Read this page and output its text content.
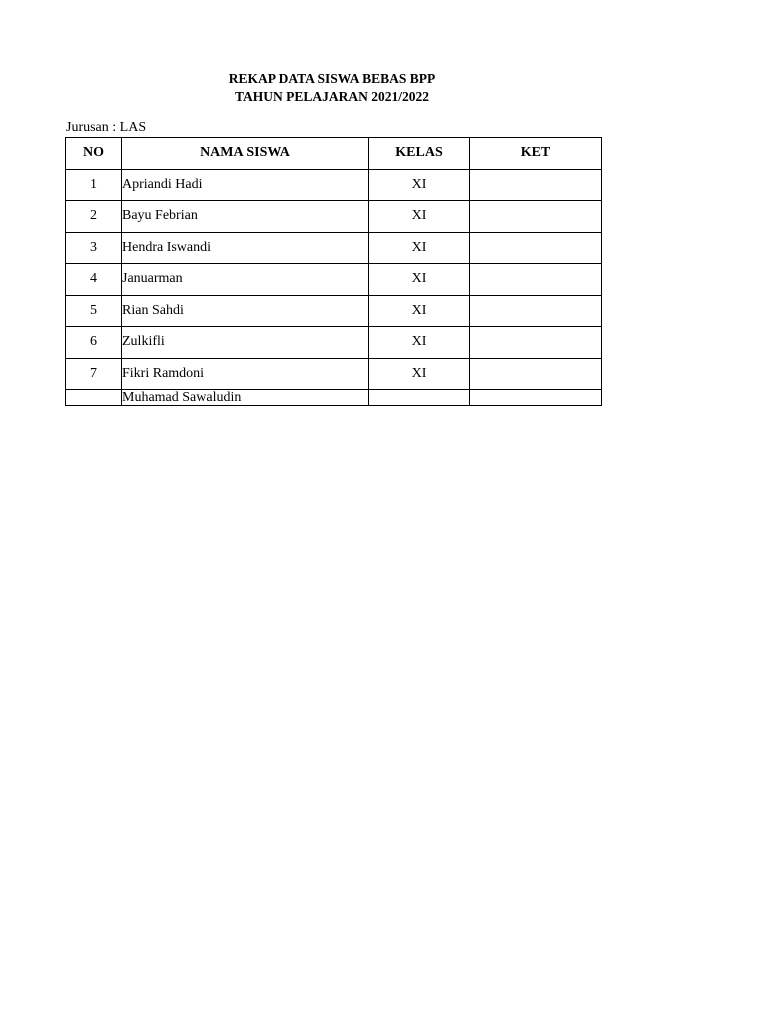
REKAP DATA SISWA BEBAS BPP

TAHUN PELAJARAN 2021/2022

Jurusan : LAS
NO	NAMA SISWA	KELAS	KET
1	Apriandi Hadi	XI	
2	Bayu Febrian	XI	
3	Hendra Iswandi	XI	
4	Januarman	XI	
5	Rian Sahdi	XI	
6	Zulkifli	XI	
7	Fikri Ramdoni	XI	
	Muhamad Sawaludin		
